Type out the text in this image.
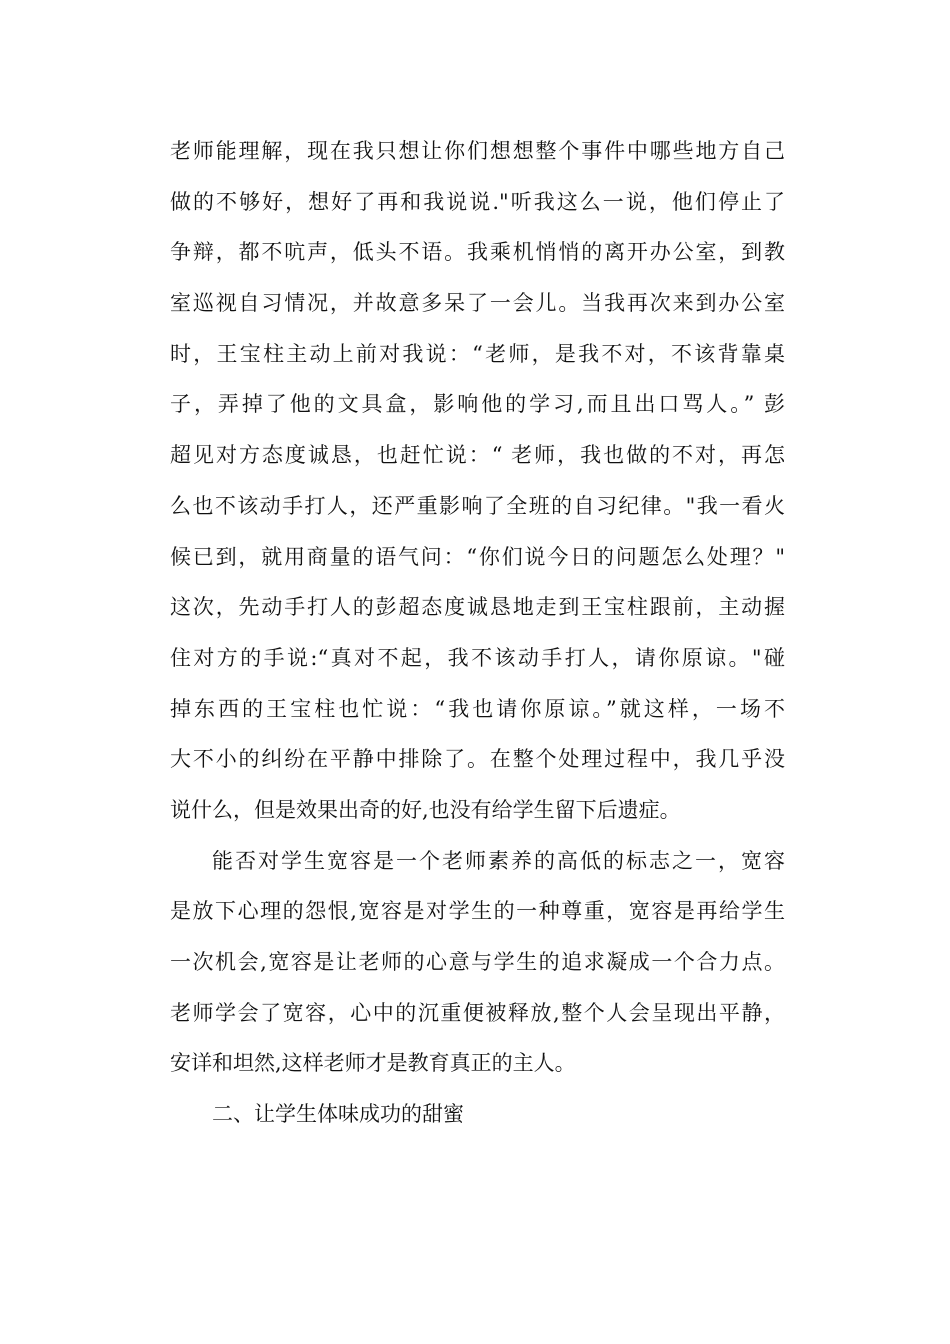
老师能理解，现在我只想让你们想想整个事件中哪些地方自己
做的不够好，想好了再和我说说."听我这么一说，他们停止了
争辩，都不吭声，低头不语。我乘机悄悄的离开办公室，到教
室巡视自习情况，并故意多呆了一会儿。当我再次来到办公室
时，王宝柱主动上前对我说：“老师，是我不对，不该背靠桌
子，弄掉了他的文具盒，影响他的学习,而且出口骂人。” 彭
超见对方态度诚恳，也赶忙说：“ 老师，我也做的不对，再怎
么也不该动手打人，还严重影响了全班的自习纪律。"我一看火
候已到，就用商量的语气问：“你们说今日的问题怎么处理？"
这次，先动手打人的彭超态度诚恳地走到王宝柱跟前，主动握
住对方的手说:“真对不起，我不该动手打人，请你原谅。"碰
掉东西的王宝柱也忙说：“我也请你原谅。”就这样，一场不
大不小的纠纷在平静中排除了。在整个处理过程中，我几乎没
说什么，但是效果出奇的好,也没有给学生留下后遗症。
能否对学生宽容是一个老师素养的高低的标志之一，宽容
是放下心理的怨恨,宽容是对学生的一种尊重，宽容是再给学生
一次机会,宽容是让老师的心意与学生的追求凝成一个合力点。
老师学会了宽容，心中的沉重便被释放,整个人会呈现出平静，
安详和坦然,这样老师才是教育真正的主人。
二、让学生体味成功的甜蜜
